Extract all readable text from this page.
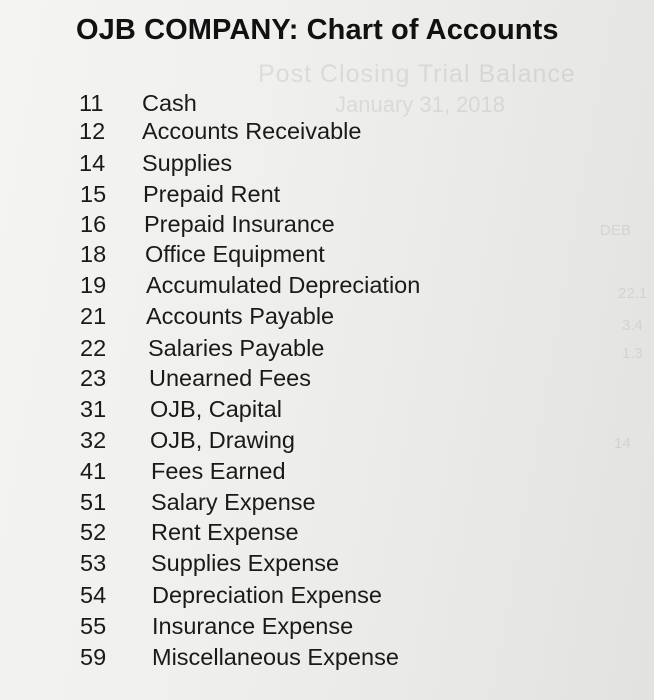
Post Closing Trial Balance
January 31, 2018
DEB
22.1
3.4
1.3
14
OJB COMPANY: Chart of Accounts
11 Cash
12 Accounts Receivable
14 Supplies
15 Prepaid Rent
16 Prepaid Insurance
18 Office Equipment
19 Accumulated Depreciation
21 Accounts Payable
22 Salaries Payable
23 Unearned Fees
31 OJB, Capital
32 OJB, Drawing
41 Fees Earned
51 Salary Expense
52 Rent Expense
53 Supplies Expense
54 Depreciation Expense
55 Insurance Expense
59 Miscellaneous Expense
